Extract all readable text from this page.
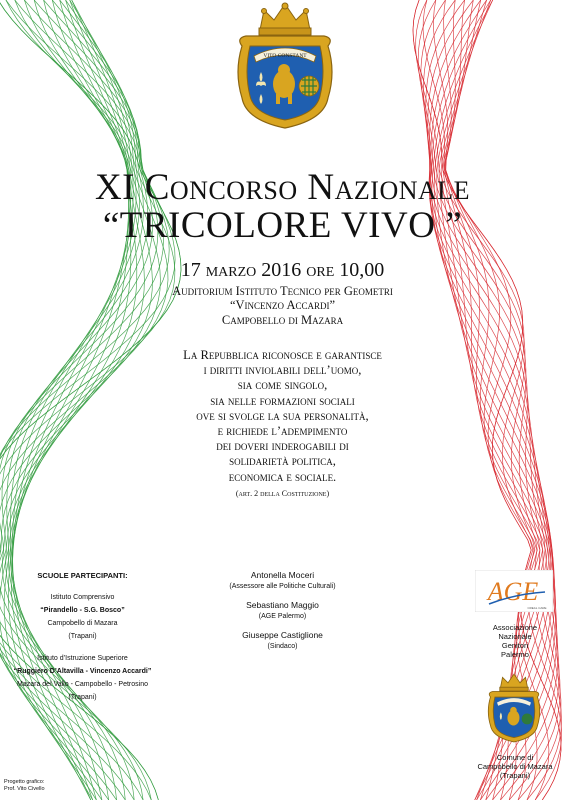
VITO CONSTANT
XI Concorso Nazionale
“TRICOLORE VIVO ”
17 marzo 2016 ore 10,00
Auditorium Istituto Tecnico per Geometri
“Vincenzo Accardi”
Campobello di Mazara
La Repubblica riconosce e garantisce
i diritti inviolabili dell’uomo,
sia come singolo,
sia nelle formazioni sociali
ove si svolge la sua personalità,
e richiede l’adempimento
dei doveri inderogabili di
solidarietà politica,
economica e sociale.
(art. 2 della Costituzione)
SCUOLE PARTECIPANTI:
Istituto Comprensivo
“Pirandello - S.G. Bosco”
Campobello di Mazara
(Trapani)
Istituto d’Istruzione Superiore
“Ruggiero D’Altavilla - Vincenzo Accardi”
Mazara del Vallo - Campobello - Petrosino
(Trapani)
Antonella Moceri
(Assessore alle Politiche Culturali)
Sebastiano Maggio
(AGE Palermo)
Giuseppe Castiglione
(Sindaco)
AGE
CREAL CARE
Associazione
Nazionale
Genitori
Palermo
Comune di
Campobello di Mazara
(Trapani)
Progetto grafico:
Prof. Vito Civello
